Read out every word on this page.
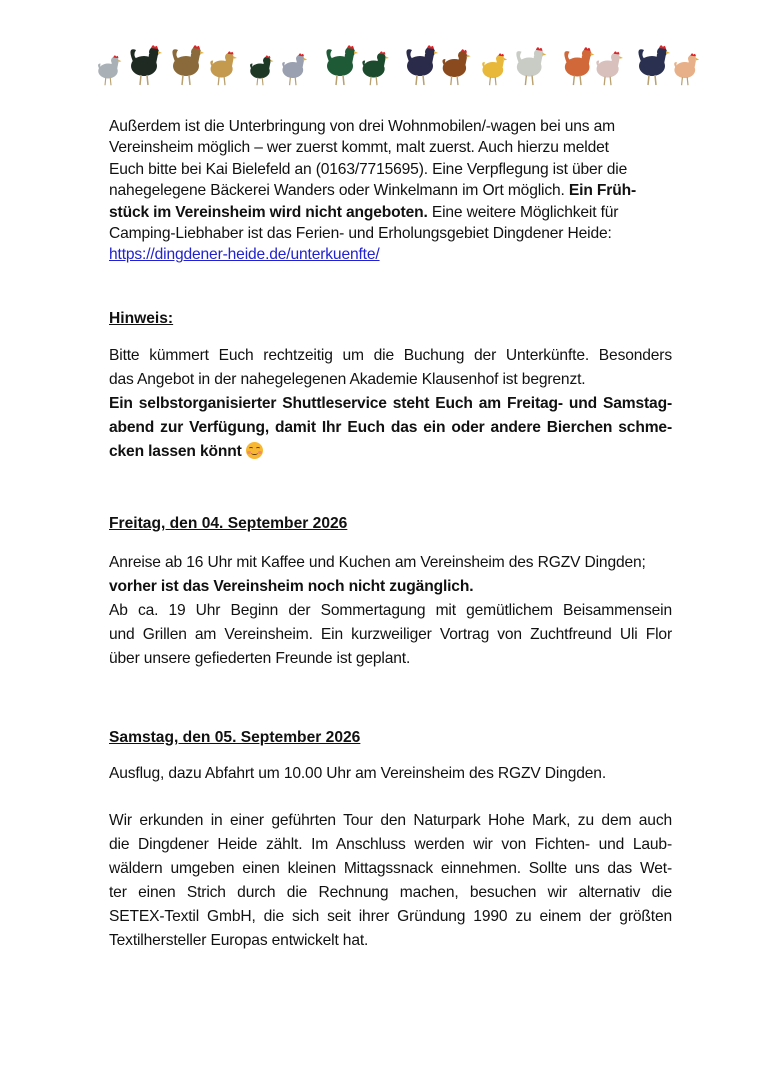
Außerdem ist die Unterbringung von drei Wohnmobilen/-wagen bei uns am
Vereinsheim möglich – wer zuerst kommt, malt zuerst. Auch hierzu meldet
Euch bitte bei Kai Bielefeld an (0163/7715695). Eine Verpflegung ist über die
nahegelegene Bäckerei Wanders oder Winkelmann im Ort möglich. Ein Früh-
stück im Vereinsheim wird nicht angeboten. Eine weitere Möglichkeit für
Camping-Liebhaber ist das Ferien- und Erholungsgebiet Dingdener Heide:
https://dingdener-heide.de/unterkuenfte/
Hinweis:
Bitte kümmert Euch rechtzeitig um die Buchung der Unterkünfte. Besonders
das Angebot in der nahegelegenen Akademie Klausenhof ist begrenzt.
Ein selbstorganisierter Shuttleservice steht Euch am Freitag- und Samstag-
abend zur Verfügung, damit Ihr Euch das ein oder andere Bierchen schme-
cken lassen könnt
Freitag, den 04. September 2026
Anreise ab 16 Uhr mit Kaffee und Kuchen am Vereinsheim des RGZV Dingden;
vorher ist das Vereinsheim noch nicht zugänglich.
Ab ca. 19 Uhr Beginn der Sommertagung mit gemütlichem Beisammensein
und Grillen am Vereinsheim. Ein kurzweiliger Vortrag von Zuchtfreund Uli Flor
über unsere gefiederten Freunde ist geplant.
Samstag, den 05. September 2026
Ausflug, dazu Abfahrt um 10.00 Uhr am Vereinsheim des RGZV Dingden.
Wir erkunden in einer geführten Tour den Naturpark Hohe Mark, zu dem auch
die Dingdener Heide zählt. Im Anschluss werden wir von Fichten- und Laub-
wäldern umgeben einen kleinen Mittagssnack einnehmen. Sollte uns das Wet-
ter einen Strich durch die Rechnung machen, besuchen wir alternativ die
SETEX-Textil GmbH, die sich seit ihrer Gründung 1990 zu einem der größten
Textilhersteller Europas entwickelt hat.
